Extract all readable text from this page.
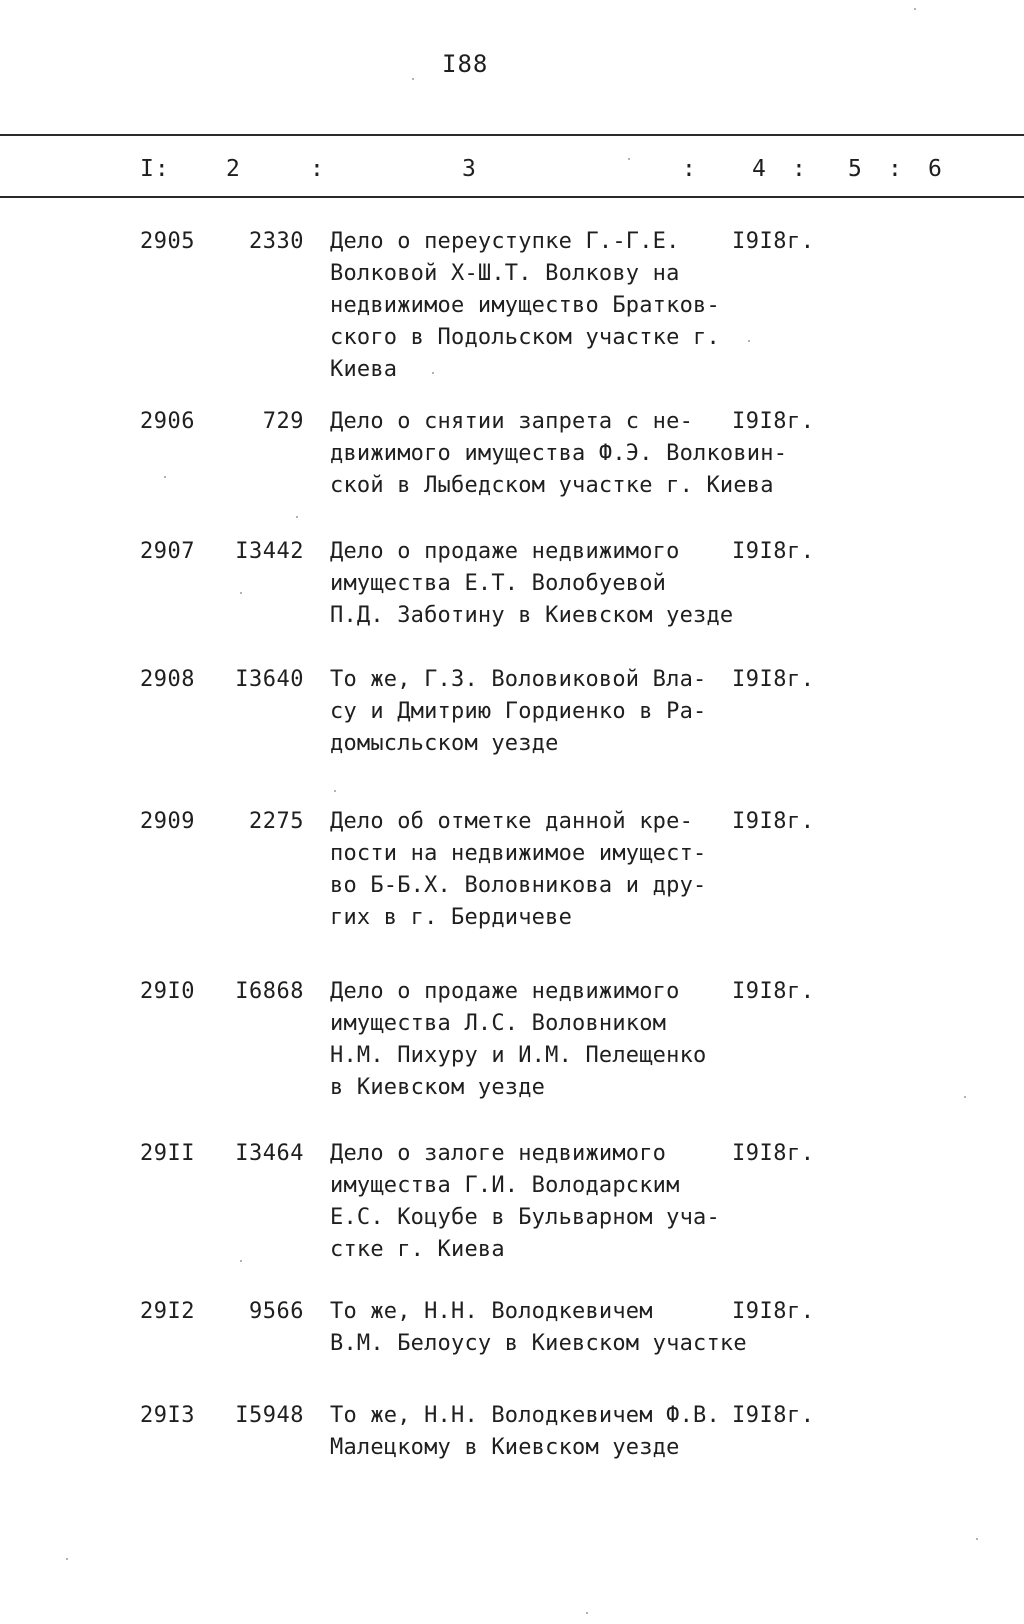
I88
I: 2	:	3	: 4 : 5 : 6
2905	2330 Дело о переуступке Г.-Г.Е.
Волковой Х-Ш.Т. Волкову на
недвижимое имущество Братков-
ского в Подольском участке г.
Киева
I9I8г.
2906	729 Дело о снятии запрета с не-
движимого имущества Ф.Э. Волковин-
ской в Лыбедском участке г. Киева
I9I8г.
2907	I3442 Дело о продаже недвижимого
имущества Е.Т. Волобуевой
П.Д. Заботину в Киевском уезде
I9I8г.
2908	I3640 То же, Г.З. Воловиковой Вла-
су и Дмитрию Гордиенко в Ра-
домысльском уезде
I9I8г.
2909	2275 Дело об отметке данной кре-
пости на недвижимое имущест-
во Б-Б.Х. Воловникова и дру-
гих в г. Бердичеве
I9I8г.
29I0	I6868 Дело о продаже недвижимого
имущества Л.С. Воловником
Н.М. Пихуру и И.М. Пелещенко
в Киевском уезде
I9I8г.
29II	I3464 Дело о залоге недвижимого
имущества Г.И. Володарским
Е.С. Коцубе в Бульварном уча-
стке г. Киева
I9I8г.
29I2	9566 То же, Н.Н. Володкевичем
В.М. Белоусу в Киевском участке
I9I8г.
29I3	I5948 То же, Н.Н. Володкевичем Ф.В.
Малецкому в Киевском уезде
I9I8г.
